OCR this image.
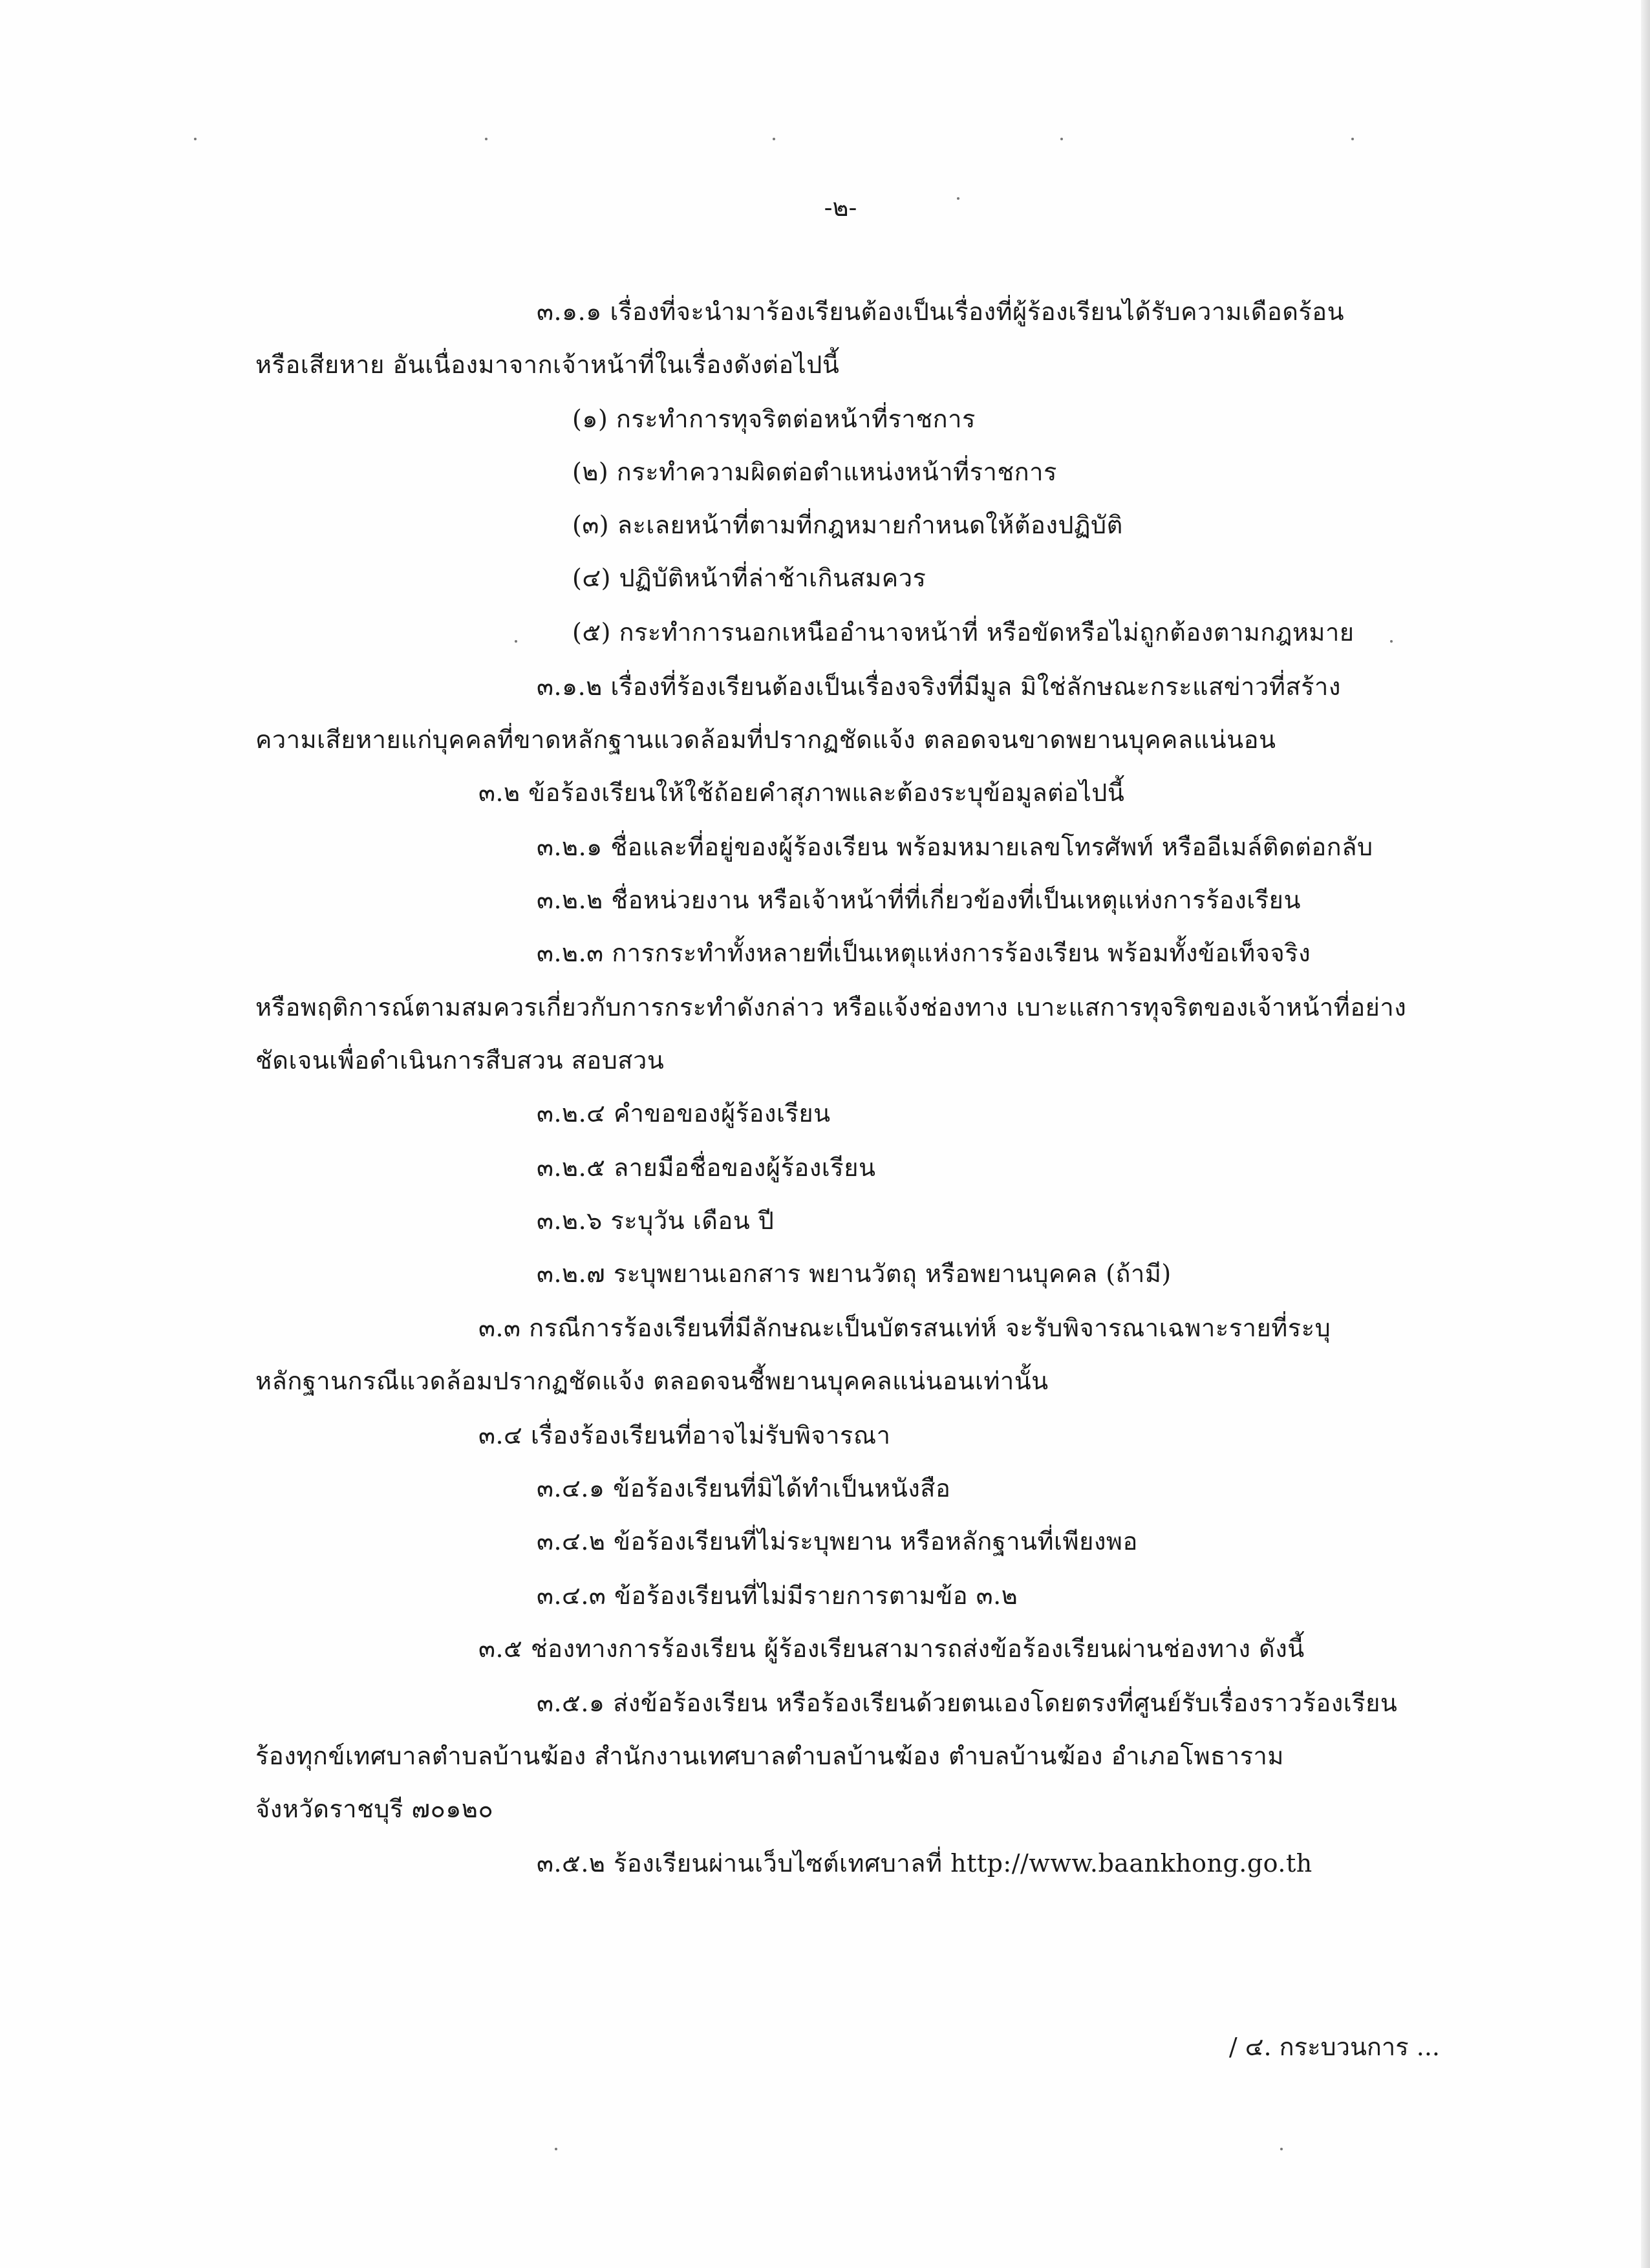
-๒-
๓.๑.๑ เรื่องที่จะนำมาร้องเรียนต้องเป็นเรื่องที่ผู้ร้องเรียนได้รับความเดือดร้อน
หรือเสียหาย อันเนื่องมาจากเจ้าหน้าที่ในเรื่องดังต่อไปนี้
(๑) กระทำการทุจริตต่อหน้าที่ราชการ
(๒) กระทำความผิดต่อตำแหน่งหน้าที่ราชการ
(๓) ละเลยหน้าที่ตามที่กฎหมายกำหนดให้ต้องปฏิบัติ
(๔) ปฏิบัติหน้าที่ล่าช้าเกินสมควร
(๕) กระทำการนอกเหนืออำนาจหน้าที่ หรือขัดหรือไม่ถูกต้องตามกฎหมาย
๓.๑.๒ เรื่องที่ร้องเรียนต้องเป็นเรื่องจริงที่มีมูล มิใช่ลักษณะกระแสข่าวที่สร้าง
ความเสียหายแก่บุคคลที่ขาดหลักฐานแวดล้อมที่ปรากฏชัดแจ้ง ตลอดจนขาดพยานบุคคลแน่นอน
๓.๒ ข้อร้องเรียนให้ใช้ถ้อยคำสุภาพและต้องระบุข้อมูลต่อไปนี้
๓.๒.๑ ชื่อและที่อยู่ของผู้ร้องเรียน พร้อมหมายเลขโทรศัพท์ หรืออีเมล์ติดต่อกลับ
๓.๒.๒ ชื่อหน่วยงาน หรือเจ้าหน้าที่ที่เกี่ยวข้องที่เป็นเหตุแห่งการร้องเรียน
๓.๒.๓ การกระทำทั้งหลายที่เป็นเหตุแห่งการร้องเรียน พร้อมทั้งข้อเท็จจริง
หรือพฤติการณ์ตามสมควรเกี่ยวกับการกระทำดังกล่าว หรือแจ้งช่องทาง เบาะแสการทุจริตของเจ้าหน้าที่อย่าง
ชัดเจนเพื่อดำเนินการสืบสวน สอบสวน
๓.๒.๔ คำขอของผู้ร้องเรียน
๓.๒.๕ ลายมือชื่อของผู้ร้องเรียน
๓.๒.๖ ระบุวัน เดือน ปี
๓.๒.๗ ระบุพยานเอกสาร พยานวัตถุ หรือพยานบุคคล (ถ้ามี)
๓.๓ กรณีการร้องเรียนที่มีลักษณะเป็นบัตรสนเท่ห์ จะรับพิจารณาเฉพาะรายที่ระบุ
หลักฐานกรณีแวดล้อมปรากฏชัดแจ้ง ตลอดจนชี้พยานบุคคลแน่นอนเท่านั้น
๓.๔ เรื่องร้องเรียนที่อาจไม่รับพิจารณา
๓.๔.๑ ข้อร้องเรียนที่มิได้ทำเป็นหนังสือ
๓.๔.๒ ข้อร้องเรียนที่ไม่ระบุพยาน หรือหลักฐานที่เพียงพอ
๓.๔.๓ ข้อร้องเรียนที่ไม่มีรายการตามข้อ ๓.๒
๓.๕ ช่องทางการร้องเรียน ผู้ร้องเรียนสามารถส่งข้อร้องเรียนผ่านช่องทาง ดังนี้
๓.๕.๑ ส่งข้อร้องเรียน หรือร้องเรียนด้วยตนเองโดยตรงที่ศูนย์รับเรื่องราวร้องเรียน
ร้องทุกข์เทศบาลตำบลบ้านฆ้อง สำนักงานเทศบาลตำบลบ้านฆ้อง ตำบลบ้านฆ้อง อำเภอโพธาราม
จังหวัดราชบุรี ๗๐๑๒๐
๓.๕.๒ ร้องเรียนผ่านเว็บไซต์เทศบาลที่ http://www.baankhong.go.th
/ ๔. กระบวนการ ...
